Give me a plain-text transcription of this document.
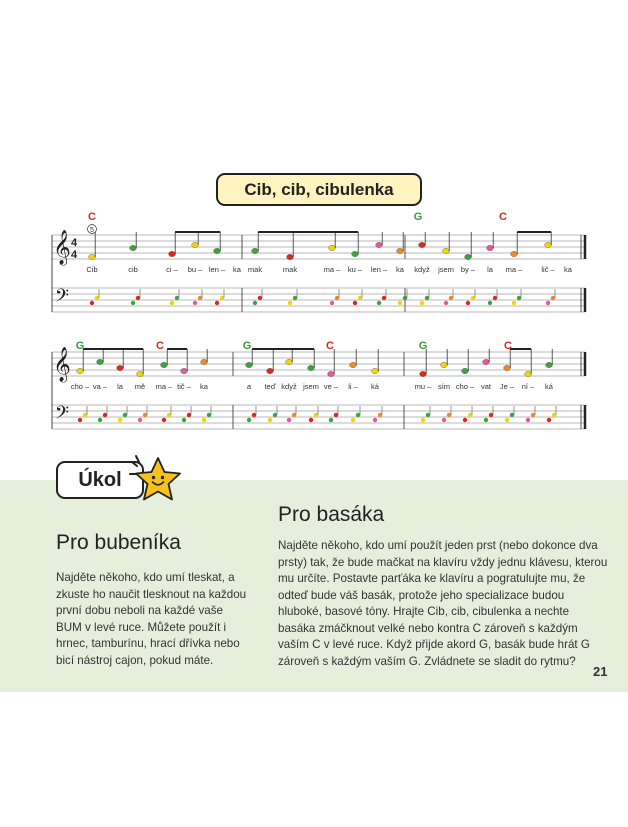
Cib, cib, cibulenka
𝄞
𝄢
4
4
5
C	G	C
Cib	cib	ci – bu – len – ka mak	mak	ma – ku – len – ka když jsem by – la ma –	lič – ka
𝄞
𝄢
G	C	G	C	G	C
cho – va – la mě ma – tič – ka	a teď když jsem ve – li – ká	mu – sím cho – vat Je – ní – ká
Úkol
Pro bubeníka

Najděte někoho, kdo umí tleskat, a zkuste ho naučit tlesknout na každou první dobu neboli na každé vaše BUM v levé ruce. Můžete použít i hrnec, tamburínu, hrací dřívka nebo bicí nástroj cajon, pokud máte.

Pro basáka

Najděte někoho, kdo umí použít jeden prst (nebo dokonce dva prsty) tak, že bude mačkat na klavíru vždy jednu klávesu, kterou mu určíte. Postavte parťáka ke klavíru a pogratulujte mu, že odteď bude váš basák, protože jeho specializace budou hluboké, basové tóny. Hrajte Cib, cib, cibulenka a nechte basáka zmáčknout velké nebo kontra C zároveň s každým vaším C v levé ruce. Když přijde akord G, basák bude hrát G zároveň s každým vaším G. Zvládnete se sladit do rytmu?

21
